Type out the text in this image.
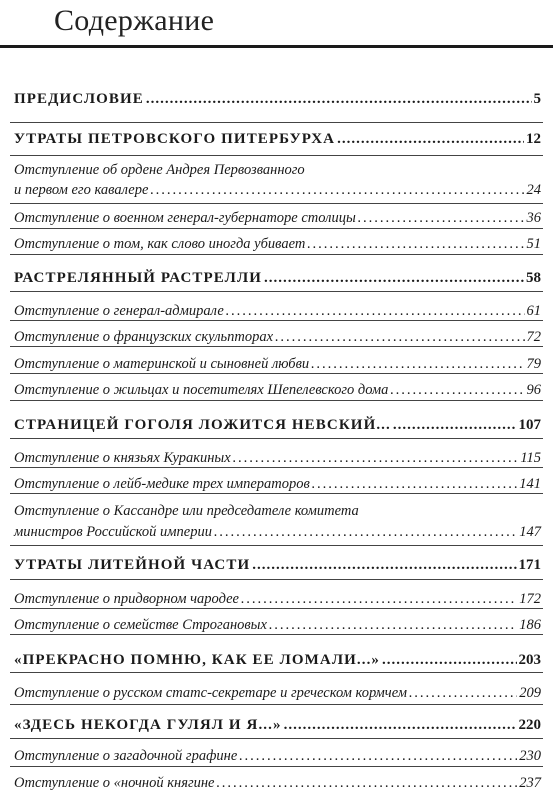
Содержание
ПРЕДИСЛОВИЕ .....	5
УТРАТЫ ПЕТРОВСКОГО ПИТЕРБУРХА .....	12
Отступление об ордене Андрея Первозванного
и первом его кавалере .....	24
Отступление о военном генерал-губернаторе столицы .....	36
Отступление о том, как слово иногда убивает .....	51
РАСТРЕЛЯННЫЙ РАСТРЕЛЛИ .....	58
Отступление о генерал-адмирале .....	61
Отступление о французских скульпторах .....	72
Отступление о материнской и сыновней любви .....	79
Отступление о жильцах и посетителях Шепелевского дома .....	96
СТРАНИЦЕЙ ГОГОЛЯ ЛОЖИТСЯ НЕВСКИЙ... .....	107
Отступление о князьях Куракиных .....	115
Отступление о лейб-медике трех императоров .....	141
Отступление о Кассандре или председателе комитета
министров Российской империи .....	147
УТРАТЫ ЛИТЕЙНОЙ ЧАСТИ .....	171
Отступление о придворном чародее .....	172
Отступление о семействе Строгановых .....	186
«ПРЕКРАСНО ПОМНЮ, КАК ЕЕ ЛОМАЛИ...» .....	203
Отступление о русском статс-секретаре и греческом кормчем .....	209
«ЗДЕСЬ НЕКОГДА ГУЛЯЛ И Я...» .....	220
Отступление о загадочной графине .....	230
Отступление о «ночной княгине .....	237
